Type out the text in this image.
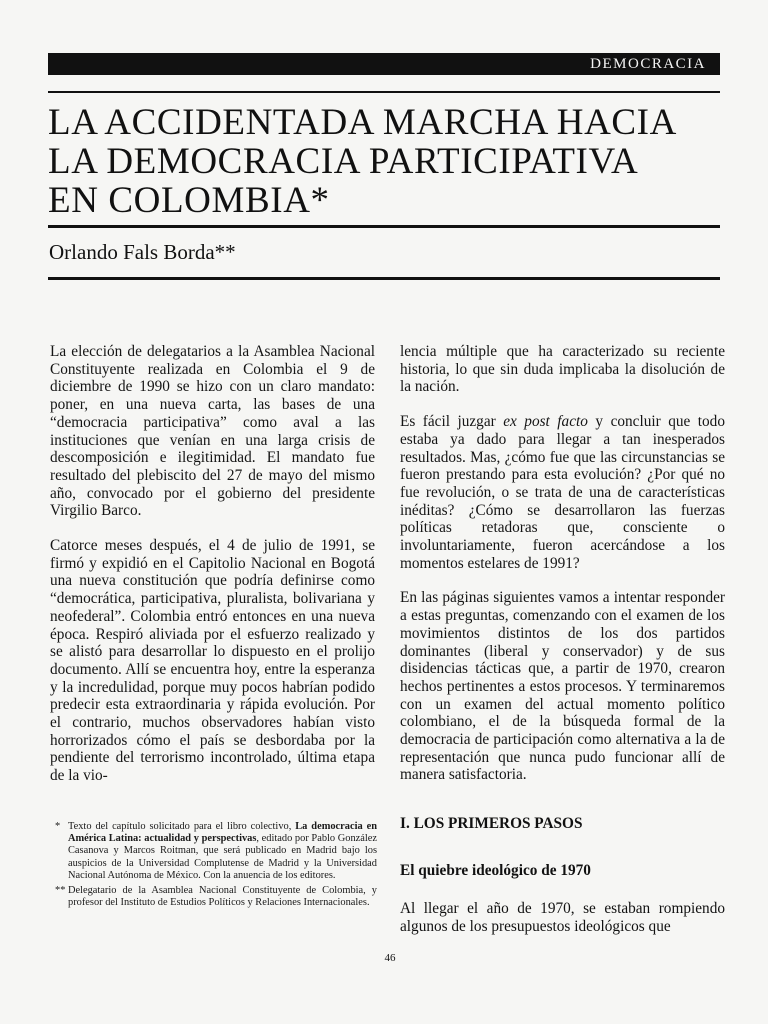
DEMOCRACIA
LA ACCIDENTADA MARCHA HACIA
LA DEMOCRACIA PARTICIPATIVA
EN COLOMBIA*
Orlando Fals Borda**

La elección de delegatarios a la Asamblea Nacional Constituyente realizada en Colombia el 9 de diciembre de 1990 se hizo con un claro mandato: poner, en una nueva carta, las bases de una “democracia participativa” como aval a las instituciones que venían en una larga crisis de descomposición e ilegitimidad. El mandato fue resultado del plebiscito del 27 de mayo del mismo año, convocado por el gobierno del presidente Virgilio Barco.

Catorce meses después, el 4 de julio de 1991, se firmó y expidió en el Capitolio Nacional en Bogotá una nueva constitución que podría definirse como “democrática, participativa, pluralista, bolivariana y neofederal”. Colombia entró entonces en una nueva época. Respiró aliviada por el esfuerzo realizado y se alistó para desarrollar lo dispuesto en el prolijo documento. Allí se encuentra hoy, entre la esperanza y la incredulidad, porque muy pocos habrían podido predecir esta extraordinaria y rápida evolución. Por el contrario, muchos observadores habían visto horrorizados cómo el país se desbordaba por la pendiente del terrorismo incontrolado, última etapa de la vio-

lencia múltiple que ha caracterizado su reciente historia, lo que sin duda implicaba la disolución de la nación.

Es fácil juzgar ex post facto y concluir que todo estaba ya dado para llegar a tan inesperados resultados. Mas, ¿cómo fue que las circunstancias se fueron prestando para esta evolución? ¿Por qué no fue revolución, o se trata de una de características inéditas? ¿Cómo se desarrollaron las fuerzas políticas retadoras que, consciente o involuntariamente, fueron acercándose a los momentos estelares de 1991?

En las páginas siguientes vamos a intentar responder a estas preguntas, comenzando con el examen de los movimientos distintos de los dos partidos dominantes (liberal y conservador) y de sus disidencias tácticas que, a partir de 1970, crearon hechos pertinentes a estos procesos. Y terminaremos con un examen del actual momento político colombiano, el de la búsqueda formal de la democracia de participación como alternativa a la de representación que nunca pudo funcionar allí de manera satisfactoria.

I. LOS PRIMEROS PASOS
El quiebre ideológico de 1970
Al llegar el año de 1970, se estaban rompiendo algunos de los presupuestos ideológicos que
* Texto del capítulo solicitado para el libro colectivo, La democracia en América Latina: actualidad y perspectivas, editado por Pablo González Casanova y Marcos Roitman, que será publicado en Madrid bajo los auspicios de la Universidad Complutense de Madrid y la Universidad Nacional Autónoma de México. Con la anuencia de los editores.
** Delegatario de la Asamblea Nacional Constituyente de Colombia, y profesor del Instituto de Estudios Políticos y Relaciones Internacionales.
46
